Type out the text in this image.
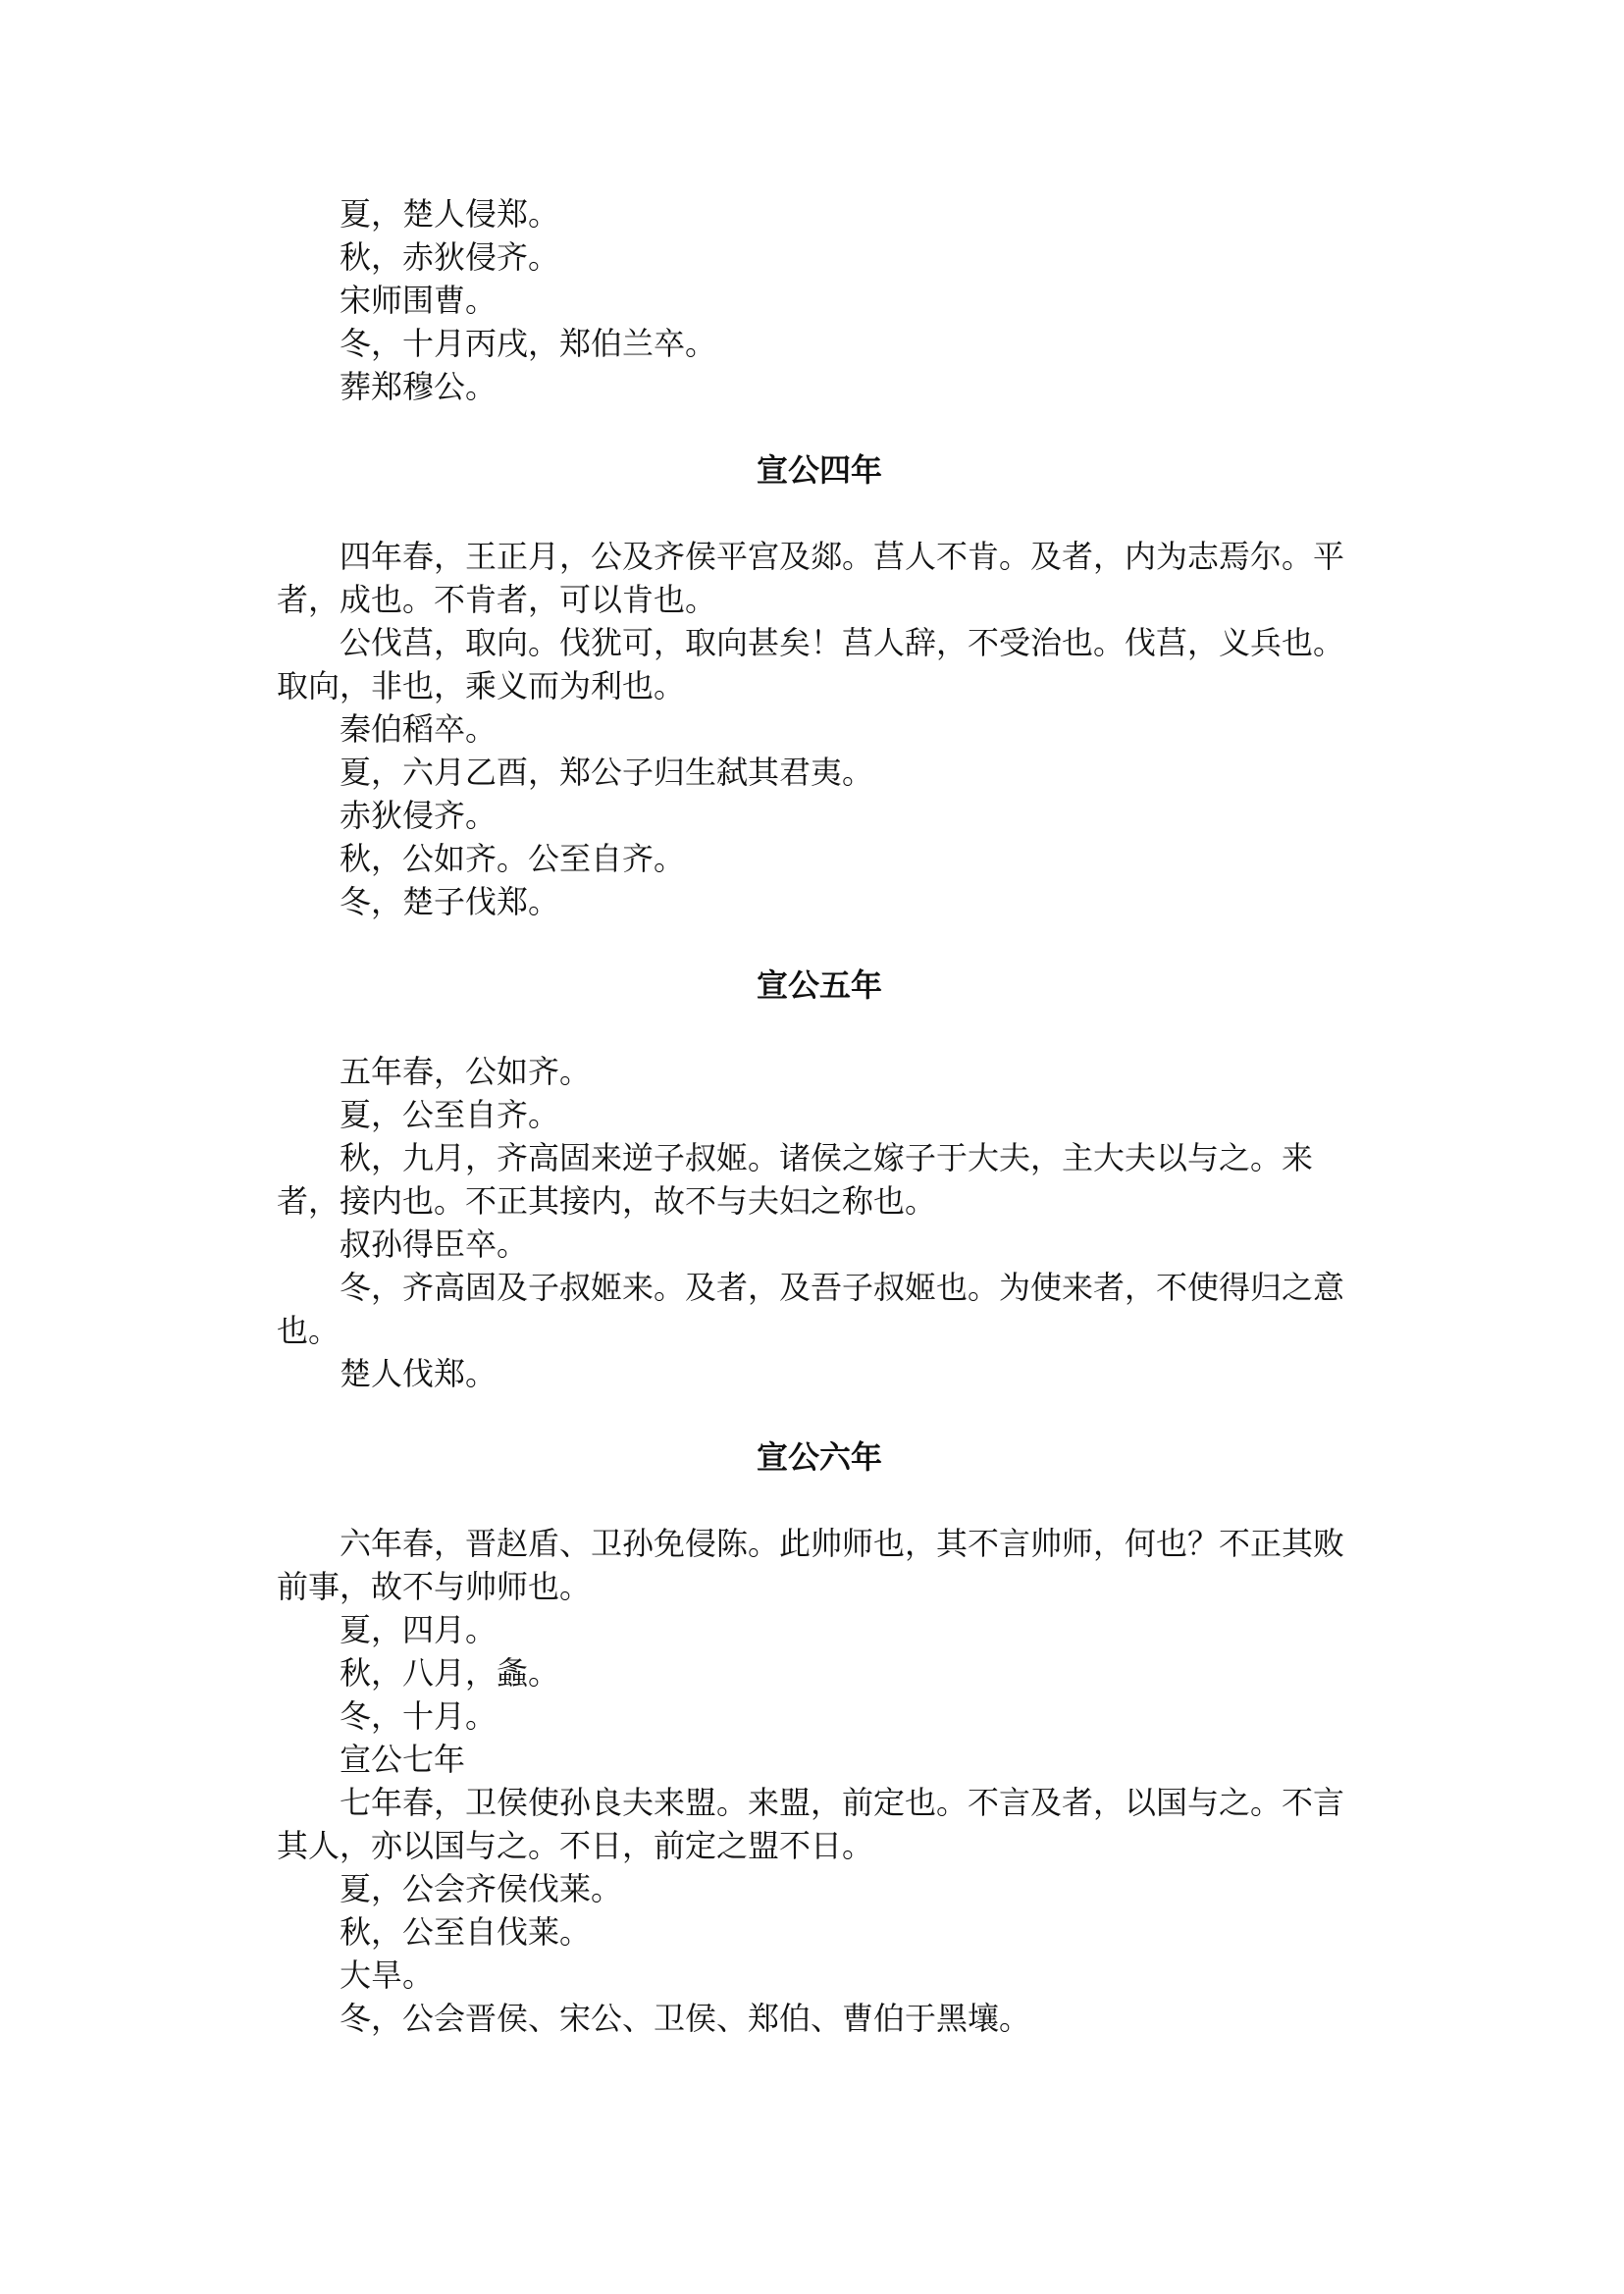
夏，楚人侵郑。

秋，赤狄侵齐。

宋师围曹。

冬，十月丙戌，郑伯兰卒。

葬郑穆公。

宣公四年

四年春，王正月，公及齐侯平宫及郯。莒人不肯。及者，内为志焉尔。平者，成也。不肯者，可以肯也。

公伐莒，取向。伐犹可，取向甚矣！莒人辞，不受治也。伐莒，义兵也。取向，非也，乘义而为利也。

秦伯稻卒。

夏，六月乙酉，郑公子归生弑其君夷。

赤狄侵齐。

秋，公如齐。公至自齐。

冬，楚子伐郑。

宣公五年

五年春，公如齐。

夏，公至自齐。

秋，九月，齐高固来逆子叔姬。诸侯之嫁子于大夫，主大夫以与之。来者，接内也。不正其接内，故不与夫妇之称也。

叔孙得臣卒。

冬，齐高固及子叔姬来。及者，及吾子叔姬也。为使来者，不使得归之意也。

楚人伐郑。

宣公六年

六年春，晋赵盾、卫孙免侵陈。此帅师也，其不言帅师，何也？不正其败前事，故不与帅师也。

夏，四月。

秋，八月，螽。

冬，十月。

宣公七年

七年春，卫侯使孙良夫来盟。来盟，前定也。不言及者，以国与之。不言其人，亦以国与之。不日，前定之盟不日。

夏，公会齐侯伐莱。

秋，公至自伐莱。

大旱。

冬，公会晋侯、宋公、卫侯、郑伯、曹伯于黑壤。
